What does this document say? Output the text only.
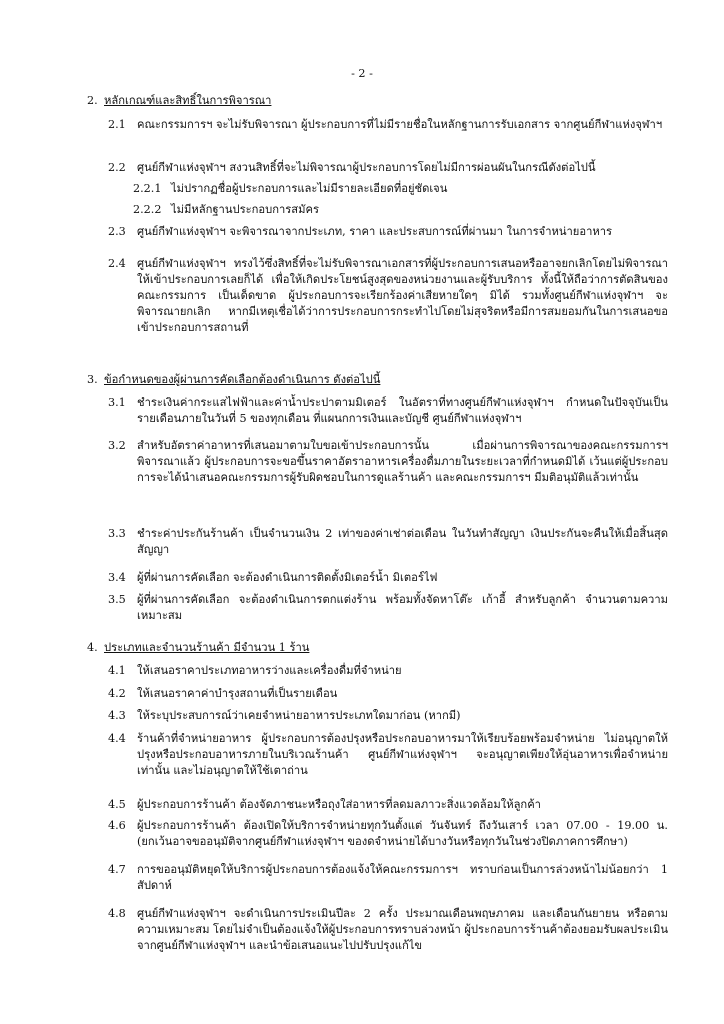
- 2 -
2. หลักเกณฑ์และสิทธิ์ในการพิจารณา
2.1 คณะกรรมการฯ จะไม่รับพิจารณา ผู้ประกอบการที่ไม่มีรายชื่อในหลักฐานการรับเอกสาร จากศูนย์กีฬาแห่งจุฬาฯ
2.2 ศูนย์กีฬาแห่งจุฬาฯ สงวนสิทธิ์ที่จะไม่พิจารณาผู้ประกอบการโดยไม่มีการผ่อนผันในกรณีดังต่อไปนี้
2.2.1 ไม่ปรากฏชื่อผู้ประกอบการและไม่มีรายละเอียดที่อยู่ชัดเจน
2.2.2 ไม่มีหลักฐานประกอบการสมัคร
2.3 ศูนย์กีฬาแห่งจุฬาฯ จะพิจารณาจากประเภท, ราคา และประสบการณ์ที่ผ่านมา ในการจำหน่ายอาหาร
2.4 ศูนย์กีฬาแห่งจุฬาฯ ทรงไว้ซึ่งสิทธิ์ที่จะไม่รับพิจารณาเอกสารที่ผู้ประกอบการเสนอหรืออาจยกเลิกโดยไม่พิจารณาให้เข้าประกอบการเลยก็ได้ เพื่อให้เกิดประโยชน์สูงสุดของหน่วยงานและผู้รับบริการ ทั้งนี้ให้ถือว่าการตัดสินของคณะกรรมการ เป็นเด็ดขาด ผู้ประกอบการจะเรียกร้องค่าเสียหายใดๆ มิได้ รวมทั้งศูนย์กีฬาแห่งจุฬาฯ จะพิจารณายกเลิก หากมีเหตุเชื่อได้ว่าการประกอบการกระทำไปโดยไม่สุจริตหรือมีการสมยอมกันในการเสนอขอเข้าประกอบการสถานที่
3. ข้อกำหนดของผู้ผ่านการคัดเลือกต้องดำเนินการ ดังต่อไปนี้
3.1 ชำระเงินค่ากระแสไฟฟ้าและค่าน้ำประปาตามมิเตอร์ ในอัตราที่ทางศูนย์กีฬาแห่งจุฬาฯ กำหนดในปัจจุบันเป็นรายเดือนภายในวันที่ 5 ของทุกเดือน ที่แผนกการเงินและบัญชี ศูนย์กีฬาแห่งจุฬาฯ
3.2 สำหรับอัตราค่าอาหารที่เสนอมาตามใบขอเข้าประกอบการนั้น เมื่อผ่านการพิจารณาของคณะกรรมการฯ พิจารณาแล้ว ผู้ประกอบการจะขอขึ้นราคาอัตราอาหารเครื่องดื่มภายในระยะเวลาที่กำหนดมิได้ เว้นแต่ผู้ประกอบการจะได้นำเสนอคณะกรรมการผู้รับผิดชอบในการดูแลร้านค้า และคณะกรรมการฯ มีมติอนุมัติแล้วเท่านั้น
3.3 ชำระค่าประกันร้านค้า เป็นจำนวนเงิน 2 เท่าของค่าเช่าต่อเดือน ในวันทำสัญญา เงินประกันจะคืนให้เมื่อสิ้นสุดสัญญา
3.4 ผู้ที่ผ่านการคัดเลือก จะต้องดำเนินการติดตั้งมิเตอร์น้ำ มิเตอร์ไฟ
3.5 ผู้ที่ผ่านการคัดเลือก จะต้องดำเนินการตกแต่งร้าน พร้อมทั้งจัดหาโต๊ะ เก้าอี้ สำหรับลูกค้า จำนวนตามความเหมาะสม
4. ประเภทและจำนวนร้านค้า มีจำนวน 1 ร้าน
4.1 ให้เสนอราคาประเภทอาหารว่างและเครื่องดื่มที่จำหน่าย
4.2 ให้เสนอราคาค่าบำรุงสถานที่เป็นรายเดือน
4.3 ให้ระบุประสบการณ์ว่าเคยจำหน่ายอาหารประเภทใดมาก่อน (หากมี)
4.4 ร้านค้าที่จำหน่ายอาหาร ผู้ประกอบการต้องปรุงหรือประกอบอาหารมาให้เรียบร้อยพร้อมจำหน่าย ไม่อนุญาตให้ปรุงหรือประกอบอาหารภายในบริเวณร้านค้า ศูนย์กีฬาแห่งจุฬาฯ จะอนุญาตเพียงให้อุ่นอาหารเพื่อจำหน่ายเท่านั้น และไม่อนุญาตให้ใช้เตาถ่าน
4.5 ผู้ประกอบการร้านค้า ต้องจัดภาชนะหรือถุงใส่อาหารที่ลดมลภาวะสิ่งแวดล้อมให้ลูกค้า
4.6 ผู้ประกอบการร้านค้า ต้องเปิดให้บริการจำหน่ายทุกวันตั้งแต่ วันจันทร์ ถึงวันเสาร์ เวลา 07.00 - 19.00 น. (ยกเว้นอาจขออนุมัติจากศูนย์กีฬาแห่งจุฬาฯ ของดจำหน่ายได้บางวันหรือทุกวันในช่วงปิดภาคการศึกษา)
4.7 การขออนุมัติหยุดให้บริการผู้ประกอบการต้องแจ้งให้คณะกรรมการฯ ทราบก่อนเป็นการล่วงหน้าไม่น้อยกว่า 1 สัปดาห์
4.8 ศูนย์กีฬาแห่งจุฬาฯ จะดำเนินการประเมินปีละ 2 ครั้ง ประมาณเดือนพฤษภาคม และเดือนกันยายน หรือตามความเหมาะสม โดยไม่จำเป็นต้องแจ้งให้ผู้ประกอบการทราบล่วงหน้า ผู้ประกอบการร้านค้าต้องยอมรับผลประเมินจากศูนย์กีฬาแห่งจุฬาฯ และนำข้อเสนอแนะไปปรับปรุงแก้ไข
